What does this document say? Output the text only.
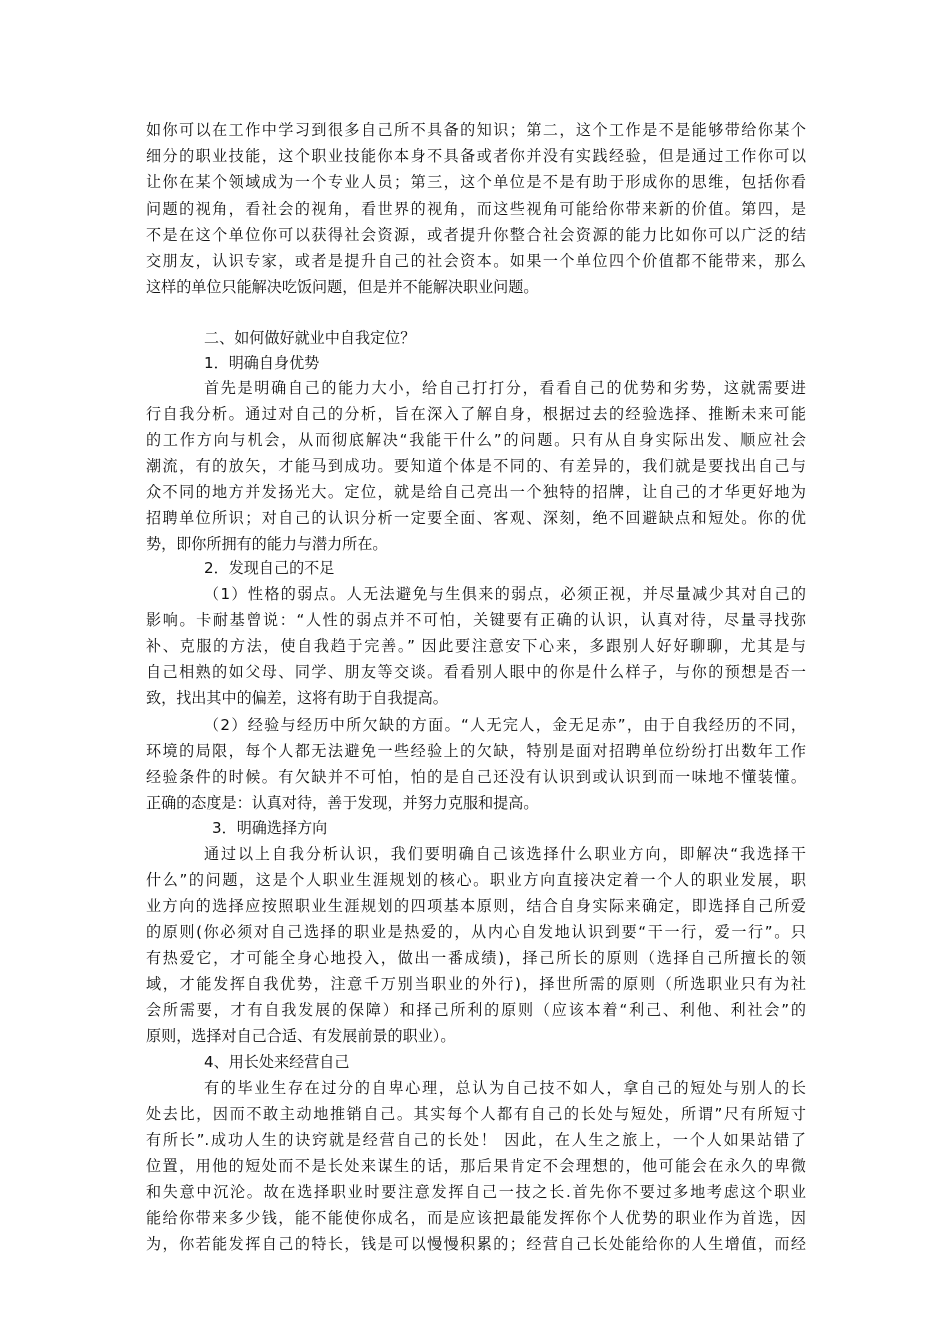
如你可以在工作中学习到很多自己所不具备的知识；第二，这个工作是不是能够带给你某个
细分的职业技能，这个职业技能你本身不具备或者你并没有实践经验，但是通过工作你可以
让你在某个领域成为一个专业人员；第三，这个单位是不是有助于形成你的思维，包括你看
问题的视角，看社会的视角，看世界的视角，而这些视角可能给你带来新的价值。第四，是
不是在这个单位你可以获得社会资源，或者提升你整合社会资源的能力比如你可以广泛的结
交朋友，认识专家，或者是提升自己的社会资本。如果一个单位四个价值都不能带来，那么
这样的单位只能解决吃饭问题，但是并不能解决职业问题。
二、如何做好就业中自我定位？
1．明确自身优势
首先是明确自己的能力大小，给自己打打分，看看自己的优势和劣势，这就需要进
行自我分析。通过对自己的分析，旨在深入了解自身，根据过去的经验选择、推断未来可能
的工作方向与机会，从而彻底解决“我能干什么”的问题。只有从自身实际出发、顺应社会
潮流，有的放矢，才能马到成功。要知道个体是不同的、有差异的，我们就是要找出自己与
众不同的地方并发扬光大。定位，就是给自己亮出一个独特的招牌，让自己的才华更好地为
招聘单位所识；对自己的认识分析一定要全面、客观、深刻，绝不回避缺点和短处。你的优
势，即你所拥有的能力与潜力所在。
2．发现自己的不足
（1）性格的弱点。人无法避免与生俱来的弱点，必须正视，并尽量减少其对自己的
影响。卡耐基曾说：“人性的弱点并不可怕，关键要有正确的认识，认真对待，尽量寻找弥
补、克服的方法，使自我趋于完善。” 因此要注意安下心来，多跟别人好好聊聊，尤其是与
自己相熟的如父母、同学、朋友等交谈。看看别人眼中的你是什么样子，与你的预想是否一
致，找出其中的偏差，这将有助于自我提高。
（2）经验与经历中所欠缺的方面。“人无完人，金无足赤”，由于自我经历的不同，
环境的局限，每个人都无法避免一些经验上的欠缺，特别是面对招聘单位纷纷打出数年工作
经验条件的时候。有欠缺并不可怕，怕的是自己还没有认识到或认识到而一味地不懂装懂。
正确的态度是：认真对待，善于发现，并努力克服和提高。
3．明确选择方向
通过以上自我分析认识，我们要明确自己该选择什么职业方向，即解决“我选择干
什么”的问题，这是个人职业生涯规划的核心。职业方向直接决定着一个人的职业发展，职
业方向的选择应按照职业生涯规划的四项基本原则，结合自身实际来确定，即选择自己所爱
的原则(你必须对自己选择的职业是热爱的，从内心自发地认识到要“干一行，爱一行”。只
有热爱它，才可能全身心地投入，做出一番成绩)，择己所长的原则（选择自己所擅长的领
域，才能发挥自我优势，注意千万别当职业的外行)，择世所需的原则（所选职业只有为社
会所需要，才有自我发展的保障）和择己所利的原则（应该本着“利己、利他、利社会”的
原则，选择对自己合适、有发展前景的职业）。
4、用长处来经营自己
有的毕业生存在过分的自卑心理，总认为自己技不如人，拿自己的短处与别人的长
处去比，因而不敢主动地推销自己。其实每个人都有自己的长处与短处，所谓”尺有所短寸
有所长”.成功人生的诀窍就是经营自己的长处！ 因此，在人生之旅上，一个人如果站错了
位置，用他的短处而不是长处来谋生的话，那后果肯定不会理想的，他可能会在永久的卑微
和失意中沉沦。故在选择职业时要注意发挥自己一技之长.首先你不要过多地考虑这个职业
能给你带来多少钱，能不能使你成名，而是应该把最能发挥你个人优势的职业作为首选，因
为，你若能发挥自己的特长，钱是可以慢慢积累的；经营自己长处能给你的人生增值，而经
